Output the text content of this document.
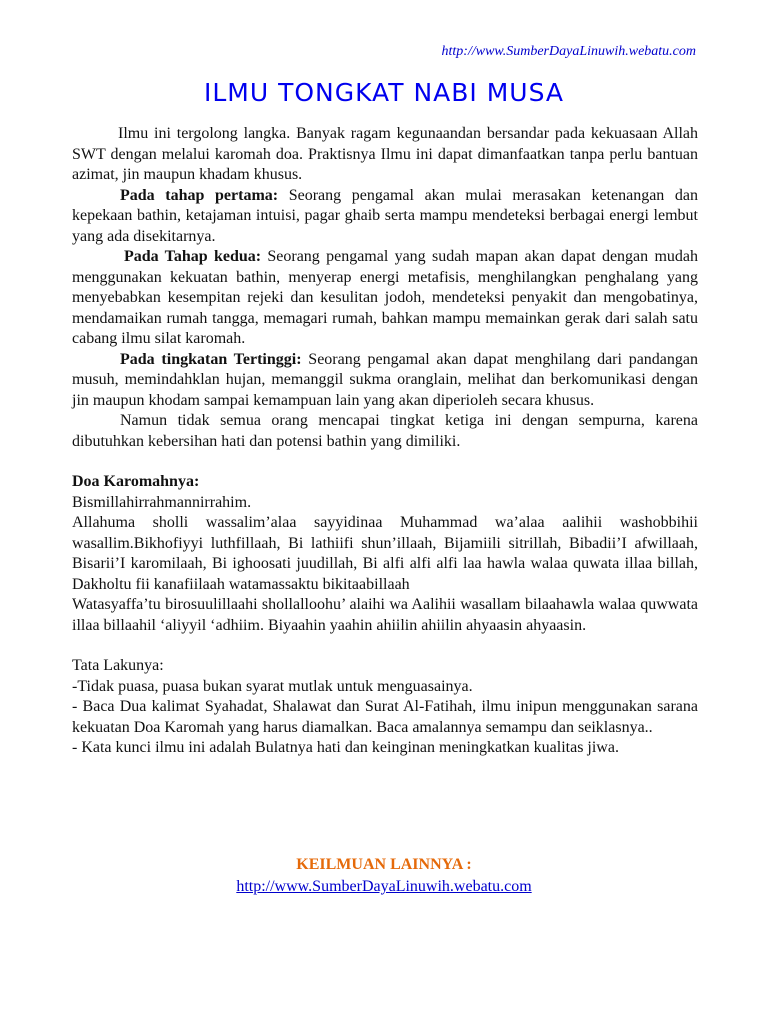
http://www.SumberDayaLinuwih.webatu.com
ILMU TONGKAT NABI MUSA

Ilmu ini tergolong langka. Banyak ragam kegunaandan bersandar pada kekuasaan Allah SWT dengan melalui karomah doa. Praktisnya Ilmu ini dapat dimanfaatkan tanpa perlu bantuan azimat, jin maupun khadam khusus.

Pada tahap pertama: Seorang pengamal akan mulai merasakan ketenangan dan kepekaan bathin, ketajaman intuisi, pagar ghaib serta mampu mendeteksi berbagai energi lembut yang ada disekitarnya.

Pada Tahap kedua: Seorang pengamal yang sudah mapan akan dapat dengan mudah menggunakan kekuatan bathin, menyerap energi metafisis, menghilangkan penghalang yang menyebabkan kesempitan rejeki dan kesulitan jodoh, mendeteksi penyakit dan mengobatinya, mendamaikan rumah tangga, memagari rumah, bahkan mampu memainkan gerak dari salah satu cabang ilmu silat karomah.

Pada tingkatan Tertinggi: Seorang pengamal akan dapat menghilang dari pandangan musuh, memindahklan hujan, memanggil sukma oranglain, melihat dan berkomunikasi dengan jin maupun khodam sampai kemampuan lain yang akan diperioleh secara khusus.

Namun tidak semua orang mencapai tingkat ketiga ini dengan sempurna, karena dibutuhkan kebersihan hati dan potensi bathin yang dimiliki.

Doa Karomahnya:

Bismillahirrahmannirrahim.

Allahuma sholli wassalim’alaa sayyidinaa Muhammad wa’alaa aalihii washobbihii wasallim.Bikhofiyyi luthfillaah, Bi lathiifi shun’illaah, Bijamiili sitrillah, Bibadii’I afwillaah, Bisarii’I karomilaah, Bi ighoosati juudillah, Bi alfi alfi alfi laa hawla walaa quwata illaa billah, Dakholtu fii kanafiilaah watamassaktu bikitaabillaah

Watasyaffa’tu birosuulillaahi shollalloohu’ alaihi wa Aalihii wasallam bilaahawla walaa quwwata illaa billaahil ‘aliyyil ‘adhiim. Biyaahin yaahin ahiilin ahiilin ahyaasin ahyaasin.

Tata Lakunya:

-Tidak puasa, puasa bukan syarat mutlak untuk menguasainya.

- Baca Dua kalimat Syahadat, Shalawat dan Surat Al-Fatihah, ilmu inipun menggunakan sarana kekuatan Doa Karomah yang harus diamalkan. Baca amalannya semampu dan seiklasnya..

- Kata kunci ilmu ini adalah Bulatnya hati dan keinginan meningkatkan kualitas jiwa.

KEILMUAN LAINNYA :
http://www.SumberDayaLinuwih.webatu.com
